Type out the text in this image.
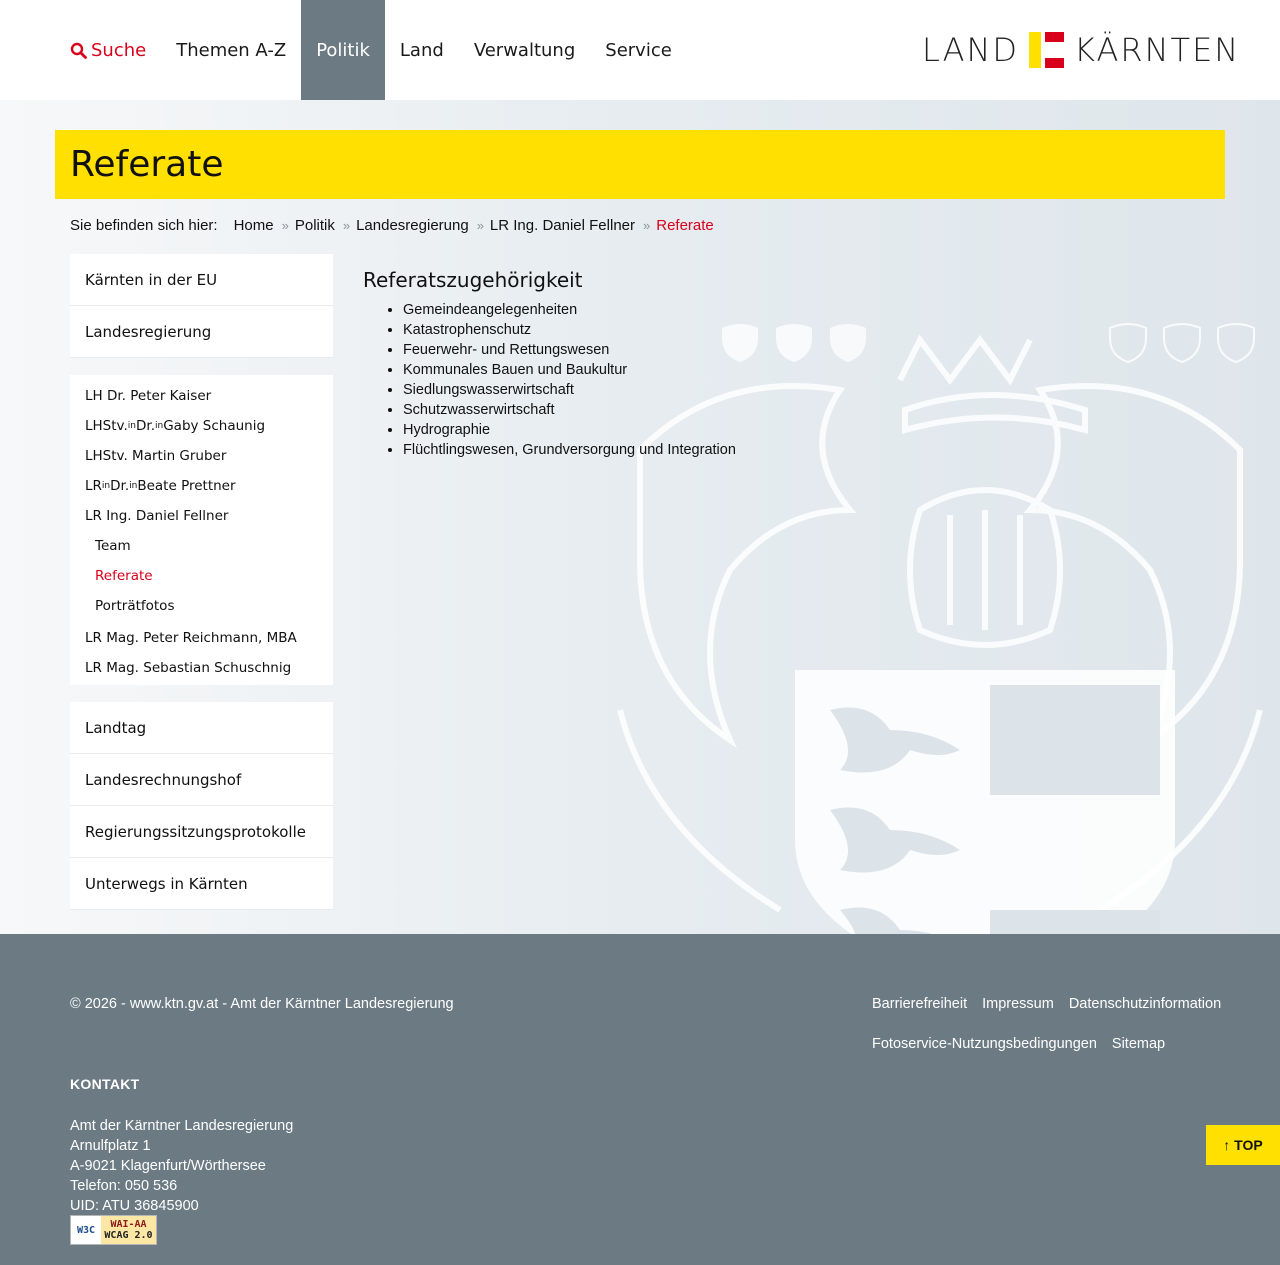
Suche	Themen A-Z	Politik	Land	Verwaltung	Service	LAND KÄRNTEN
Referate
Sie befinden sich hier: Home » Politik » Landesregierung » LR Ing. Daniel Fellner » Referate
Kärnten in der EU
Landesregierung
LH Dr. Peter Kaiser
LHStv. in Dr. in Gaby Schaunig
LHStv. Martin Gruber
LR in Dr. in Beate Prettner
LR Ing. Daniel Fellner
Team
Referate
Porträtfotos
LR Mag. Peter Reichmann, MBA
LR Mag. Sebastian Schuschnig
Landtag
Landesrechnungshof
Regierungssitzungsprotokolle
Unterwegs in Kärnten
Referatszugehörigkeit
• Gemeindeangelegenheiten
• Katastrophenschutz
• Feuerwehr- und Rettungswesen
• Kommunales Bauen und Baukultur
• Siedlungswasserwirtschaft
• Schutzwasserwirtschaft
• Hydrographie
• Flüchtlingswesen, Grundversorgung und Integration
© 2026 - www.ktn.gv.at - Amt der Kärntner Landesregierung	Barrierefreiheit Impressum Datenschutzinformation
Fotoservice-Nutzungsbedingungen Sitemap
KONTAKT
Amt der Kärntner Landesregierung
Arnulfplatz 1
A-9021 Klagenfurt/Wörthersee
Telefon: 050 536
UID: ATU 36845900
W3C	WAI-AA
WCAG 2.0
↑ TOP
